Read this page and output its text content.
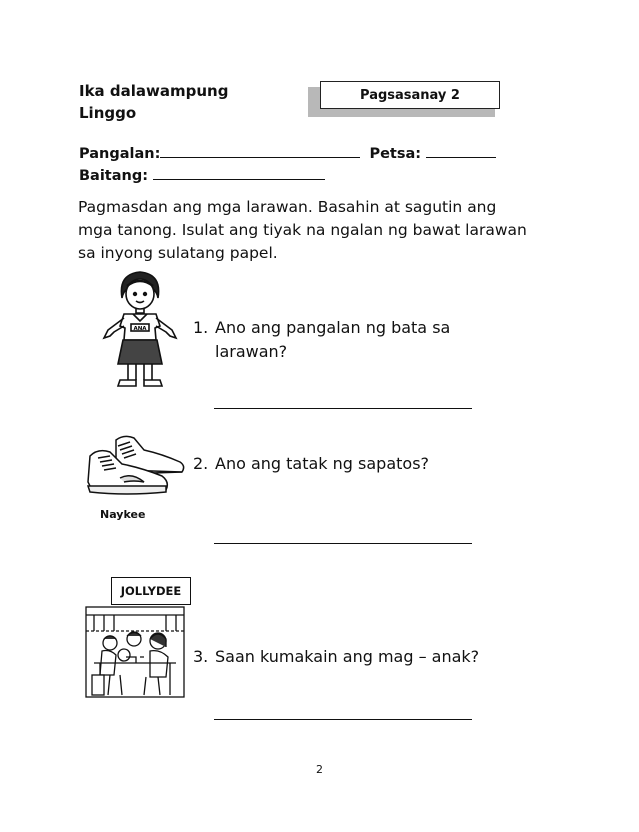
Ika dalawampung
Linggo
Pagsasanay 2
Pangalan:	Petsa:
Baitang:
Pagmasdan ang mga larawan. Basahin at sagutin ang mga tanong. Isulat ang tiyak na ngalan ng bawat larawan sa inyong sulatang papel.
ANA	1. Ano ang pangalan ng bata sa larawan?
Naykee
2. Ano ang tatak ng sapatos?
JOLLYDEE
3. Saan kumakain ang mag – anak?
2
